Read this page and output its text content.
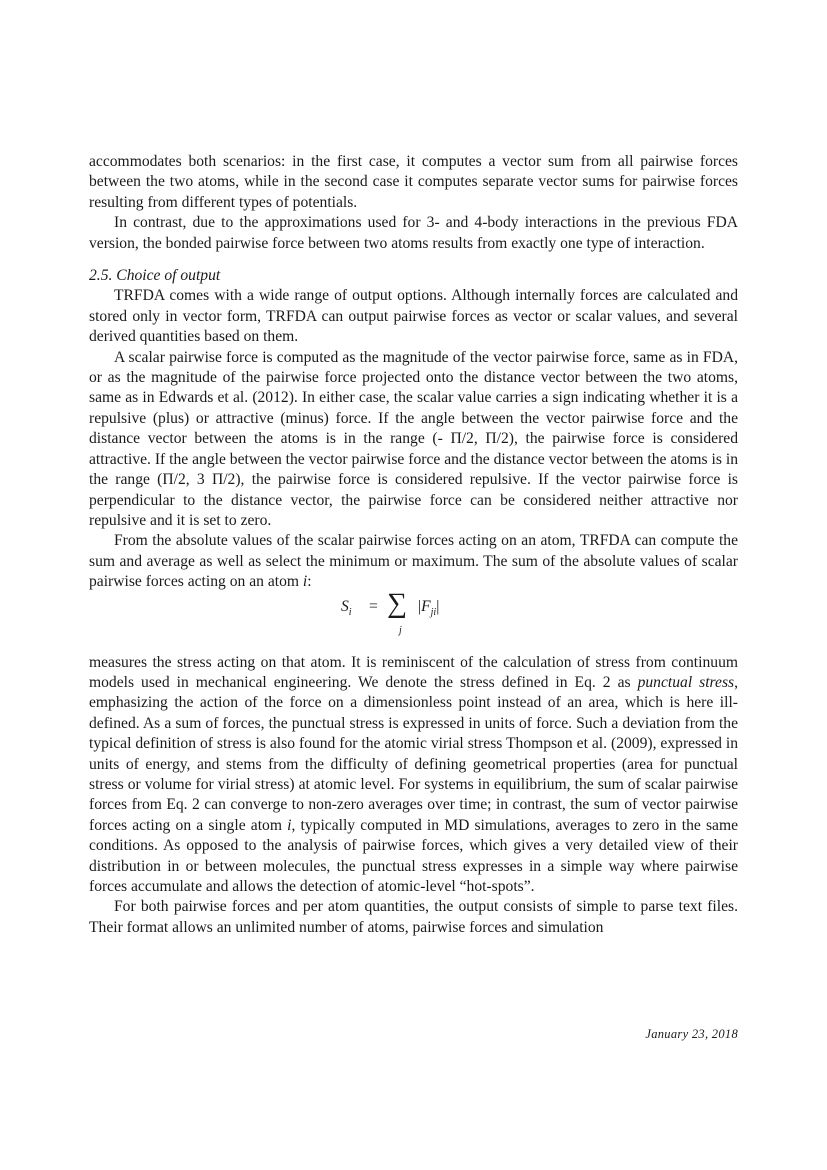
accommodates both scenarios: in the first case, it computes a vector sum from all pairwise forces between the two atoms, while in the second case it computes separate vector sums for pairwise forces resulting from different types of potentials.

In contrast, due to the approximations used for 3- and 4-body interactions in the previous FDA version, the bonded pairwise force between two atoms results from exactly one type of interaction.

2.5. Choice of output

TRFDA comes with a wide range of output options. Although internally forces are calculated and stored only in vector form, TRFDA can output pairwise forces as vector or scalar values, and several derived quantities based on them.

A scalar pairwise force is computed as the magnitude of the vector pairwise force, same as in FDA, or as the magnitude of the pairwise force projected onto the distance vector between the two atoms, same as in Edwards et al. (2012). In either case, the scalar value carries a sign indicating whether it is a repulsive (plus) or attractive (minus) force. If the angle between the vector pairwise force and the distance vector between the atoms is in the range (- Π/2, Π/2), the pairwise force is considered attractive. If the angle between the vector pairwise force and the distance vector between the atoms is in the range (Π/2, 3 Π/2), the pairwise force is considered repulsive. If the vector pairwise force is perpendicular to the distance vector, the pairwise force can be considered neither attractive nor repulsive and it is set to zero.

From the absolute values of the scalar pairwise forces acting on an atom, TRFDA can compute the sum and average as well as select the minimum or maximum. The sum of the absolute values of scalar pairwise forces acting on an atom i:

$S_i$ = ∑
j
$|F_{ji}|$

measures the stress acting on that atom. It is reminiscent of the calculation of stress from continuum models used in mechanical engineering. We denote the stress defined in Eq. 2 as punctual stress, emphasizing the action of the force on a dimensionless point instead of an area, which is here ill-defined. As a sum of forces, the punctual stress is expressed in units of force. Such a deviation from the typical definition of stress is also found for the atomic virial stress Thompson et al. (2009), expressed in units of energy, and stems from the difficulty of defining geometrical properties (area for punctual stress or volume for virial stress) at atomic level. For systems in equilibrium, the sum of scalar pairwise forces from Eq. 2 can converge to non-zero averages over time; in contrast, the sum of vector pairwise forces acting on a single atom i, typically computed in MD simulations, averages to zero in the same conditions. As opposed to the analysis of pairwise forces, which gives a very detailed view of their distribution in or between molecules, the punctual stress expresses in a simple way where pairwise forces accumulate and allows the detection of atomic-level “hot-spots”.

For both pairwise forces and per atom quantities, the output consists of simple to parse text files. Their format allows an unlimited number of atoms, pairwise forces and simulation

January 23, 2018
